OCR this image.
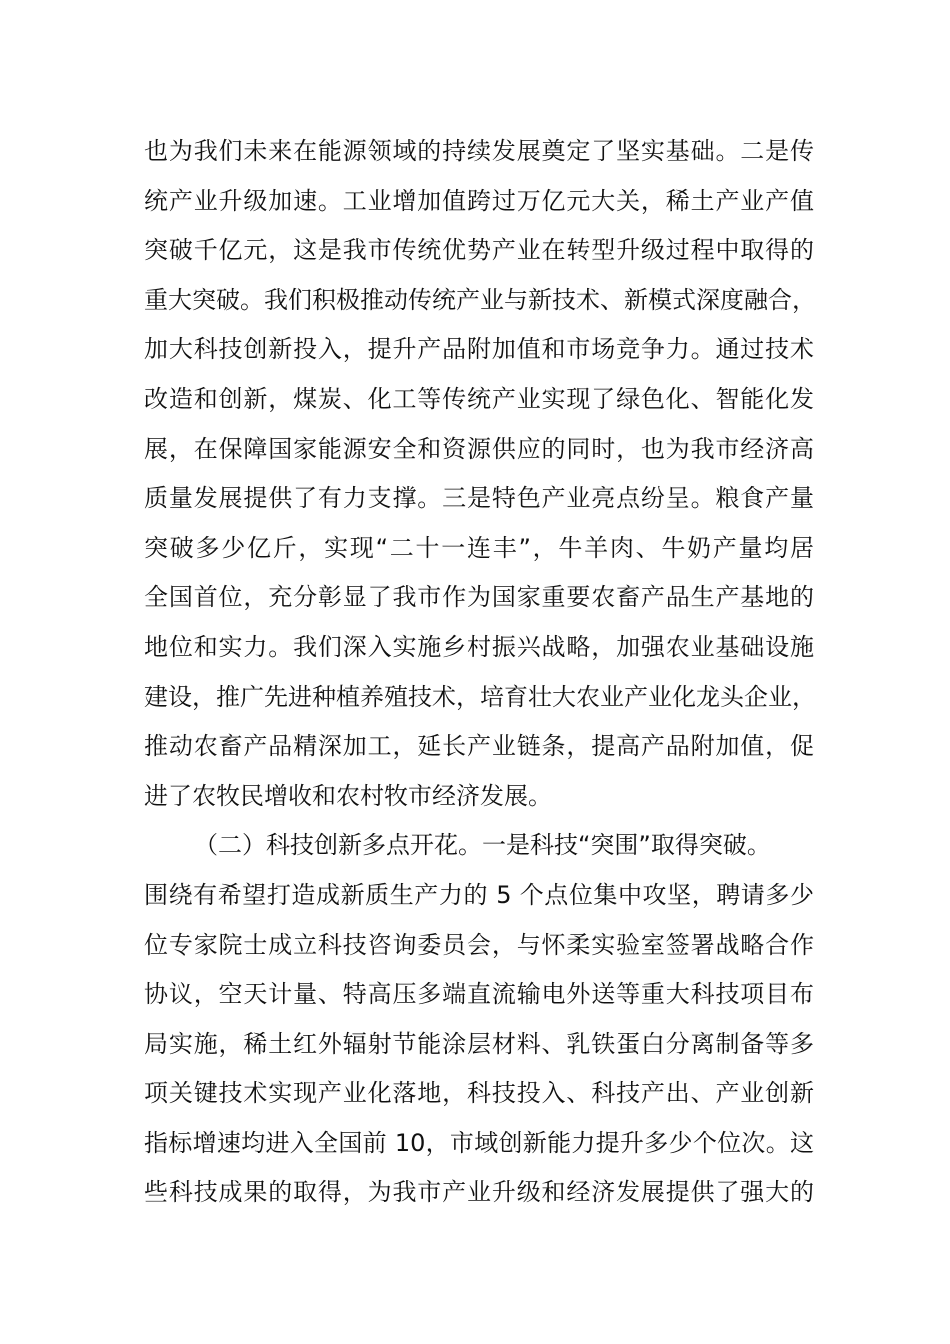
也为我们未来在能源领域的持续发展奠定了坚实基础。二是传
统产业升级加速。工业增加值跨过万亿元大关，稀土产业产值
突破千亿元，这是我市传统优势产业在转型升级过程中取得的
重大突破。我们积极推动传统产业与新技术、新模式深度融合，
加大科技创新投入，提升产品附加值和市场竞争力。通过技术
改造和创新，煤炭、化工等传统产业实现了绿色化、智能化发
展，在保障国家能源安全和资源供应的同时，也为我市经济高
质量发展提供了有力支撑。三是特色产业亮点纷呈。粮食产量
突破多少亿斤，实现“二十一连丰”，牛羊肉、牛奶产量均居
全国首位，充分彰显了我市作为国家重要农畜产品生产基地的
地位和实力。我们深入实施乡村振兴战略，加强农业基础设施
建设，推广先进种植养殖技术，培育壮大农业产业化龙头企业，
推动农畜产品精深加工，延长产业链条，提高产品附加值，促
进了农牧民增收和农村牧市经济发展。
（二）科技创新多点开花。一是科技“突围”取得突破。
围绕有希望打造成新质生产力的 5 个点位集中攻坚，聘请多少
位专家院士成立科技咨询委员会，与怀柔实验室签署战略合作
协议，空天计量、特高压多端直流输电外送等重大科技项目布
局实施，稀土红外辐射节能涂层材料、乳铁蛋白分离制备等多
项关键技术实现产业化落地，科技投入、科技产出、产业创新
指标增速均进入全国前 10，市域创新能力提升多少个位次。这
些科技成果的取得，为我市产业升级和经济发展提供了强大的
